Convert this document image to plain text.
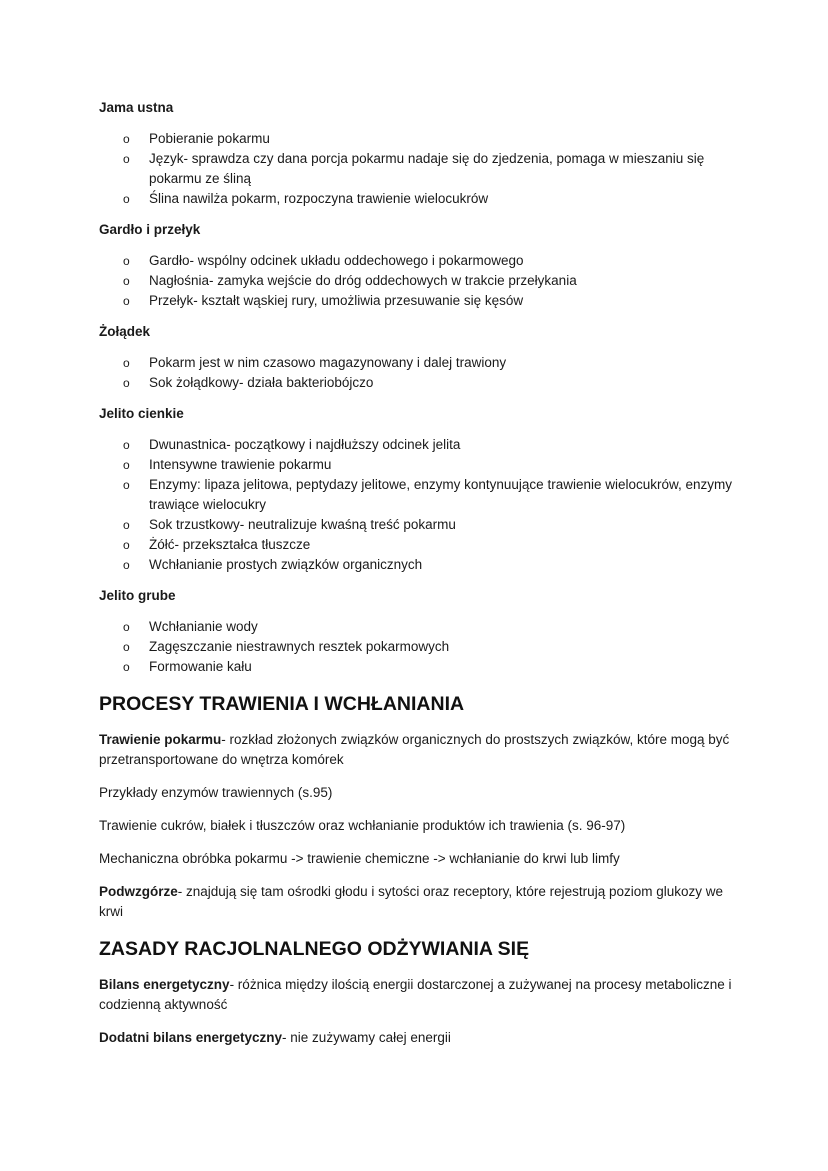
Jama ustna
o Pobieranie pokarmu
o Język- sprawdza czy dana porcja pokarmu nadaje się do zjedzenia, pomaga w mieszaniu się pokarmu ze śliną
o Ślina nawilża pokarm, rozpoczyna trawienie wielocukrów
Gardło i przełyk
o Gardło- wspólny odcinek układu oddechowego i pokarmowego
o Nagłośnia- zamyka wejście do dróg oddechowych w trakcie przełykania
o Przełyk- kształt wąskiej rury, umożliwia przesuwanie się kęsów
Żołądek
o Pokarm jest w nim czasowo magazynowany i dalej trawiony
o Sok żołądkowy- działa bakteriobójczo
Jelito cienkie
o Dwunastnica- początkowy i najdłuższy odcinek jelita
o Intensywne trawienie pokarmu
o Enzymy: lipaza jelitowa, peptydazy jelitowe, enzymy kontynuujące trawienie wielocukrów, enzymy trawiące wielocukry
o Sok trzustkowy- neutralizuje kwaśną treść pokarmu
o Żółć- przekształca tłuszcze
o Wchłanianie prostych związków organicznych
Jelito grube
o Wchłanianie wody
o Zagęszczanie niestrawnych resztek pokarmowych
o Formowanie kału
PROCESY TRAWIENIA I WCHŁANIANIA

Trawienie pokarmu- rozkład złożonych związków organicznych do prostszych związków, które mogą być przetransportowane do wnętrza komórek

Przykłady enzymów trawiennych (s.95)

Trawienie cukrów, białek i tłuszczów oraz wchłanianie produktów ich trawienia (s. 96-97)

Mechaniczna obróbka pokarmu -> trawienie chemiczne -> wchłanianie do krwi lub limfy

Podwzgórze- znajdują się tam ośrodki głodu i sytości oraz receptory, które rejestrują poziom glukozy we krwi

ZASADY RACJOLNALNEGO ODŻYWIANIA SIĘ

Bilans energetyczny- różnica między ilością energii dostarczonej a zużywanej na procesy metaboliczne i codzienną aktywność

Dodatni bilans energetyczny- nie zużywamy całej energii
